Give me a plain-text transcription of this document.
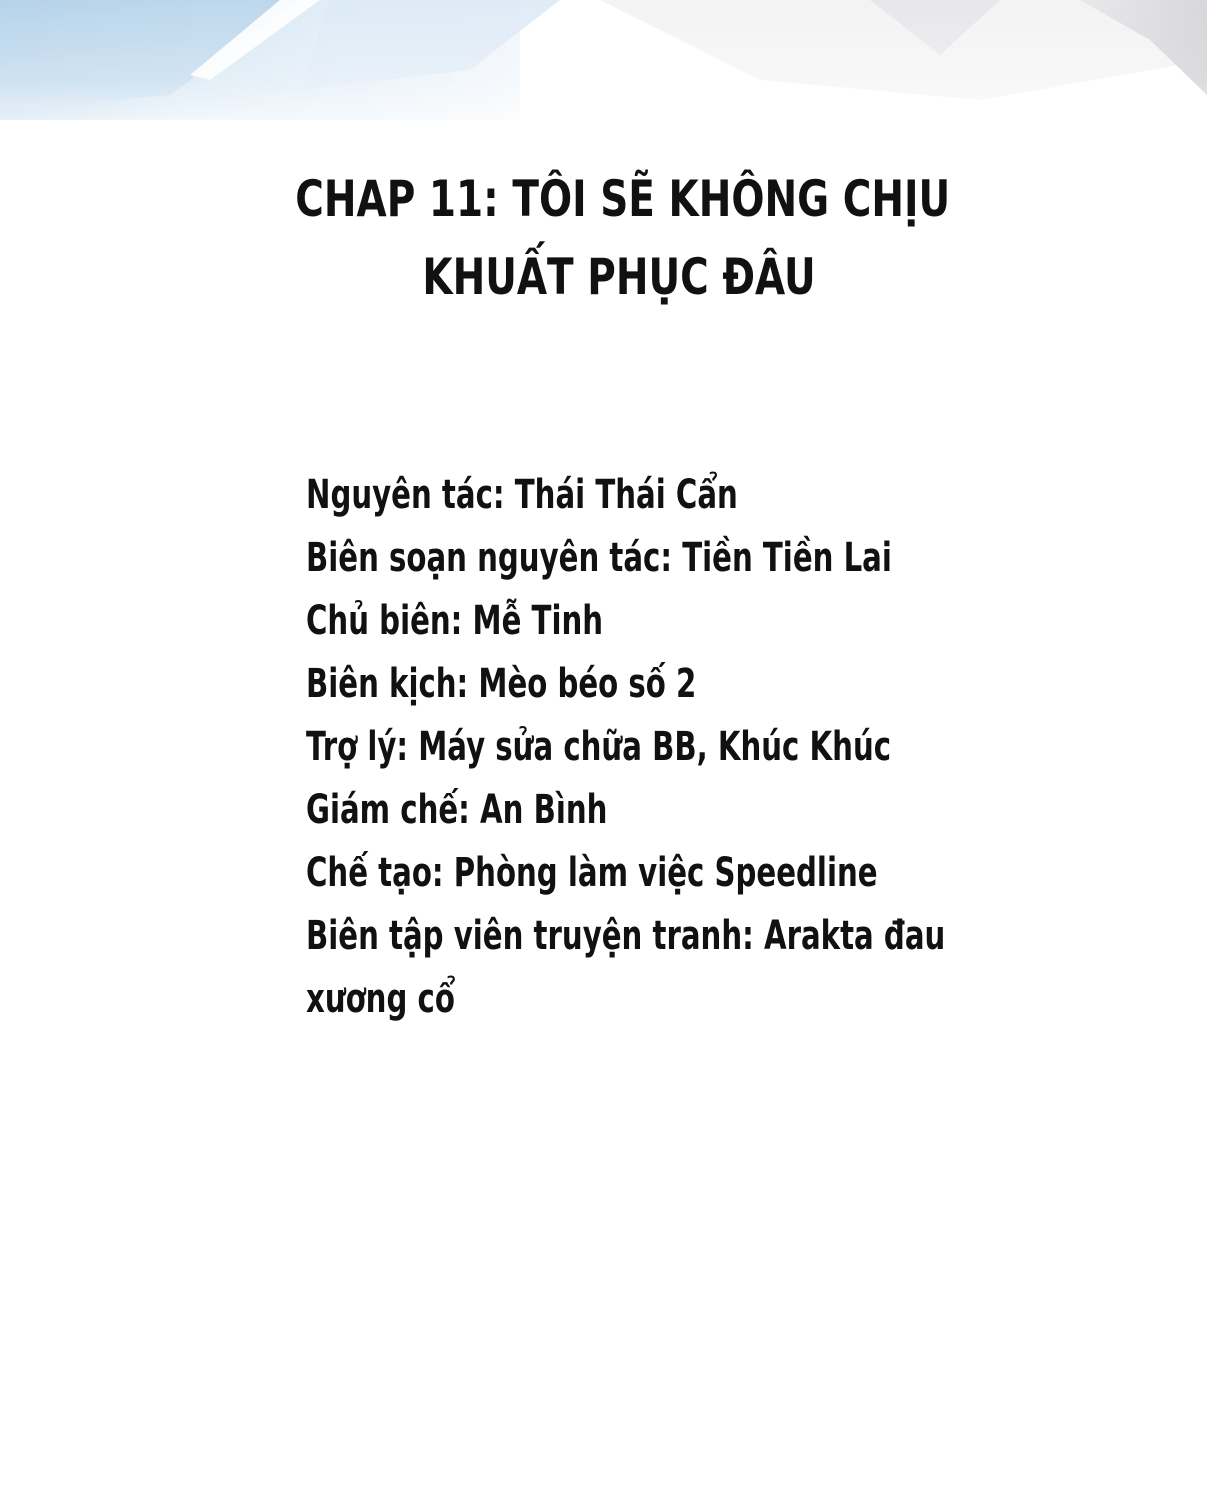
CHAP 11: TÔI SẼ KHÔNG CHỊU
KHUẤT PHỤC ĐÂU
Nguyên tác: Thái Thái Cẩn
Biên soạn nguyên tác: Tiền Tiền Lai
Chủ biên: Mễ Tinh
Biên kịch: Mèo béo số 2
Trợ lý: Máy sửa chữa BB, Khúc Khúc
Giám chế: An Bình
Chế tạo: Phòng làm việc Speedline
Biên tập viên truyện tranh: Arakta đau
xương cổ
